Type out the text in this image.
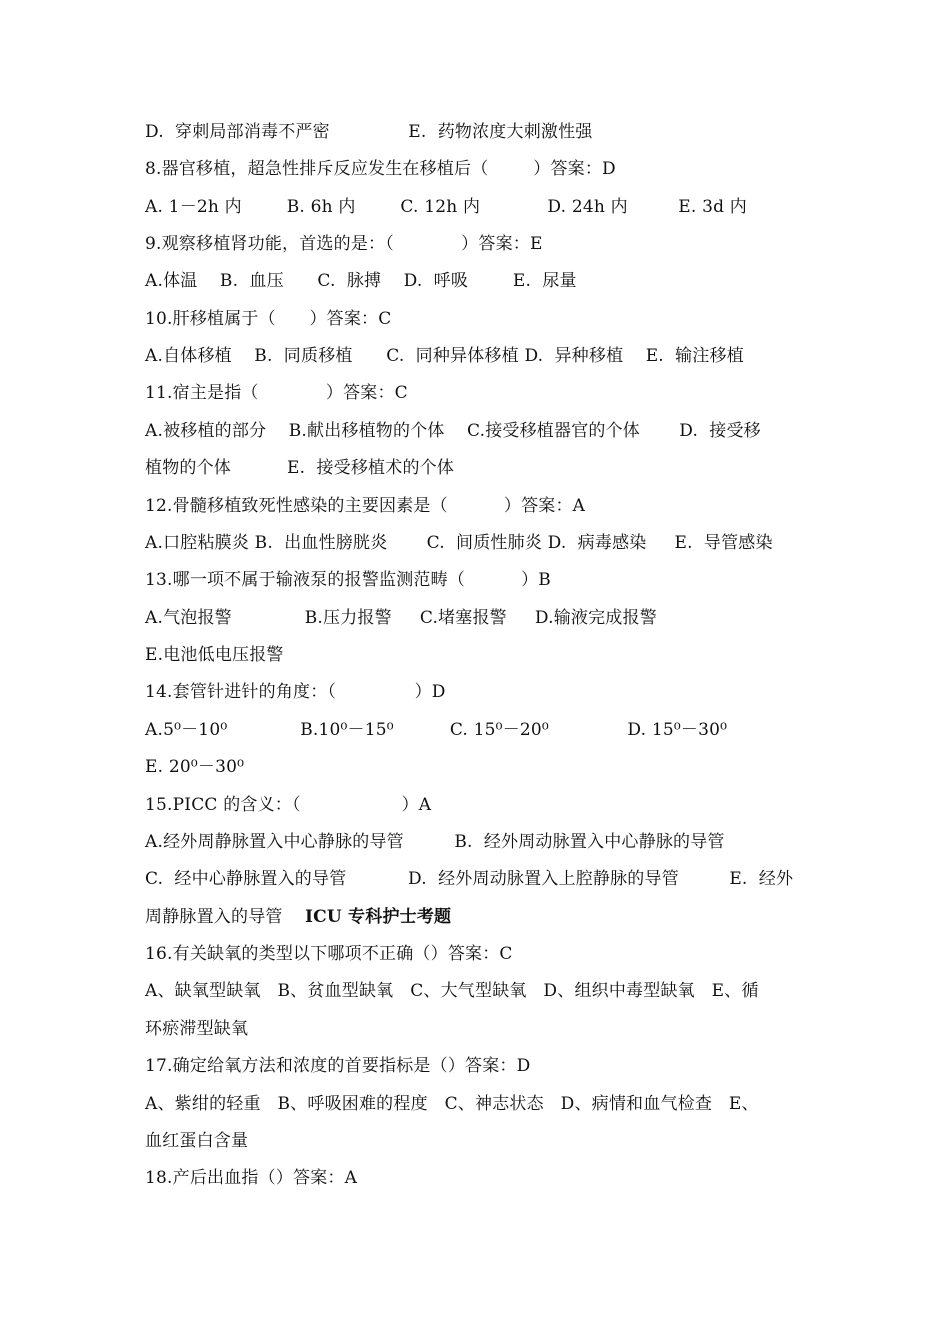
D.  穿刺局部消毒不严密              E.  药物浓度大刺激性强
8.器官移植，超急性排斥反应发生在移植后（        ）答案：D
A. 1－2h 内        B. 6h 内        C. 12h 内            D. 24h 内         E. 3d 内
9.观察移植肾功能，首选的是：（            ）答案：E
A.体温    B.  血压      C.  脉搏    D.  呼吸        E.  尿量
10.肝移植属于（      ）答案：C
A.自体移植    B.  同质移植      C.  同种异体移植 D.  异种移植    E.  输注移植
11.宿主是指（            ）答案：C
A.被移植的部分    B.献出移植物的个体    C.接受移植器官的个体       D.  接受移
植物的个体          E.  接受移植术的个体
12.骨髓移植致死性感染的主要因素是（          ）答案：A
A.口腔粘膜炎 B.  出血性膀胱炎       C.  间质性肺炎 D.  病毒感染     E.  导管感染
13.哪一项不属于输液泵的报警监测范畴（          ）B
A.气泡报警             B.压力报警     C.堵塞报警     D.输液完成报警
E.电池低电压报警
14.套管针进针的角度：（              ）D
A.5⁰－10⁰             B.10⁰－15⁰          C. 15⁰－20⁰              D. 15⁰－30⁰
E. 20⁰－30⁰
15.PICC 的含义：（                  ）A
A.经外周静脉置入中心静脉的导管         B.  经外周动脉置入中心静脉的导管
C.  经中心静脉置入的导管           D.  经外周动脉置入上腔静脉的导管         E.  经外
周静脉置入的导管    ICU 专科护士考题
16.有关缺氧的类型以下哪项不正确（）答案：C
A、缺氧型缺氧   B、贫血型缺氧   C、大气型缺氧   D、组织中毒型缺氧   E、循
环瘀滞型缺氧
17.确定给氧方法和浓度的首要指标是（）答案：D
A、紫绀的轻重   B、呼吸困难的程度   C、神志状态   D、病情和血气检查   E、
血红蛋白含量
18.产后出血指（）答案：A
